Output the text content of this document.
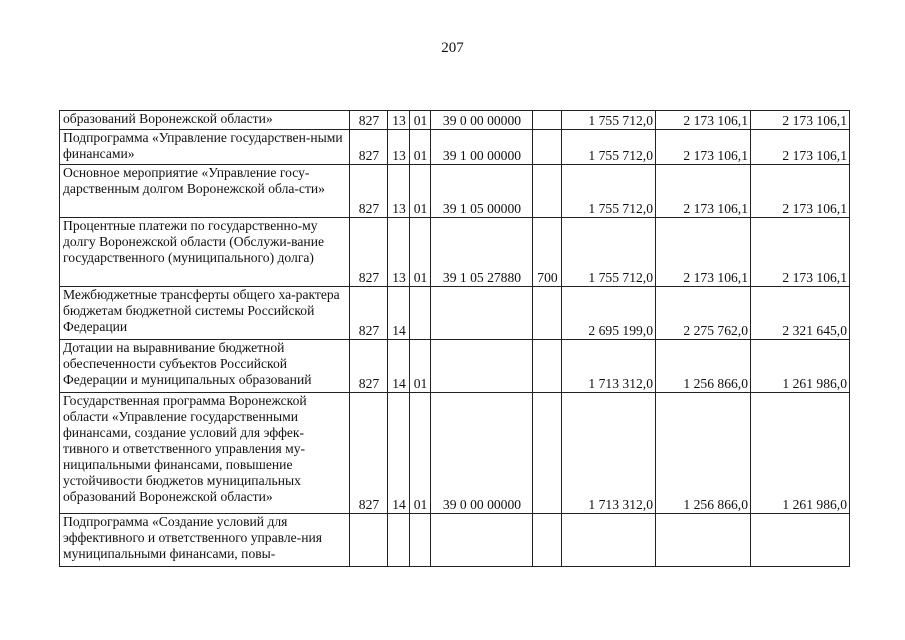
207
образований Воронежской области»	827	13	01	39 0 00 00000		1 755 712,0	2 173 106,1	2 173 106,1
Подпрограмма «Управление государствен-ными финансами»	827	13	01	39 1 00 00000		1 755 712,0	2 173 106,1	2 173 106,1
Основное мероприятие «Управление госу-дарственным долгом Воронежской обла-сти»	827	13	01	39 1 05 00000		1 755 712,0	2 173 106,1	2 173 106,1
Процентные платежи по государственно-му долгу Воронежской области (Обслужи-вание государственного (муниципального) долга)	827	13	01	39 1 05 27880	700	1 755 712,0	2 173 106,1	2 173 106,1
Межбюджетные трансферты общего ха-рактера бюджетам бюджетной системы Российской Федерации	827	14				2 695 199,0	2 275 762,0	2 321 645,0
Дотации на выравнивание бюджетной обеспеченности субъектов Российской Федерации и муниципальных образований	827	14	01			1 713 312,0	1 256 866,0	1 261 986,0
Государственная программа Воронежской области «Управление государственными финансами, создание условий для эффек-тивного и ответственного управления му-ниципальными финансами, повышение устойчивости бюджетов муниципальных образований Воронежской области»	827	14	01	39 0 00 00000		1 713 312,0	1 256 866,0	1 261 986,0
Подпрограмма «Создание условий для эффективного и ответственного управле-ния муниципальными финансами, повы-								
